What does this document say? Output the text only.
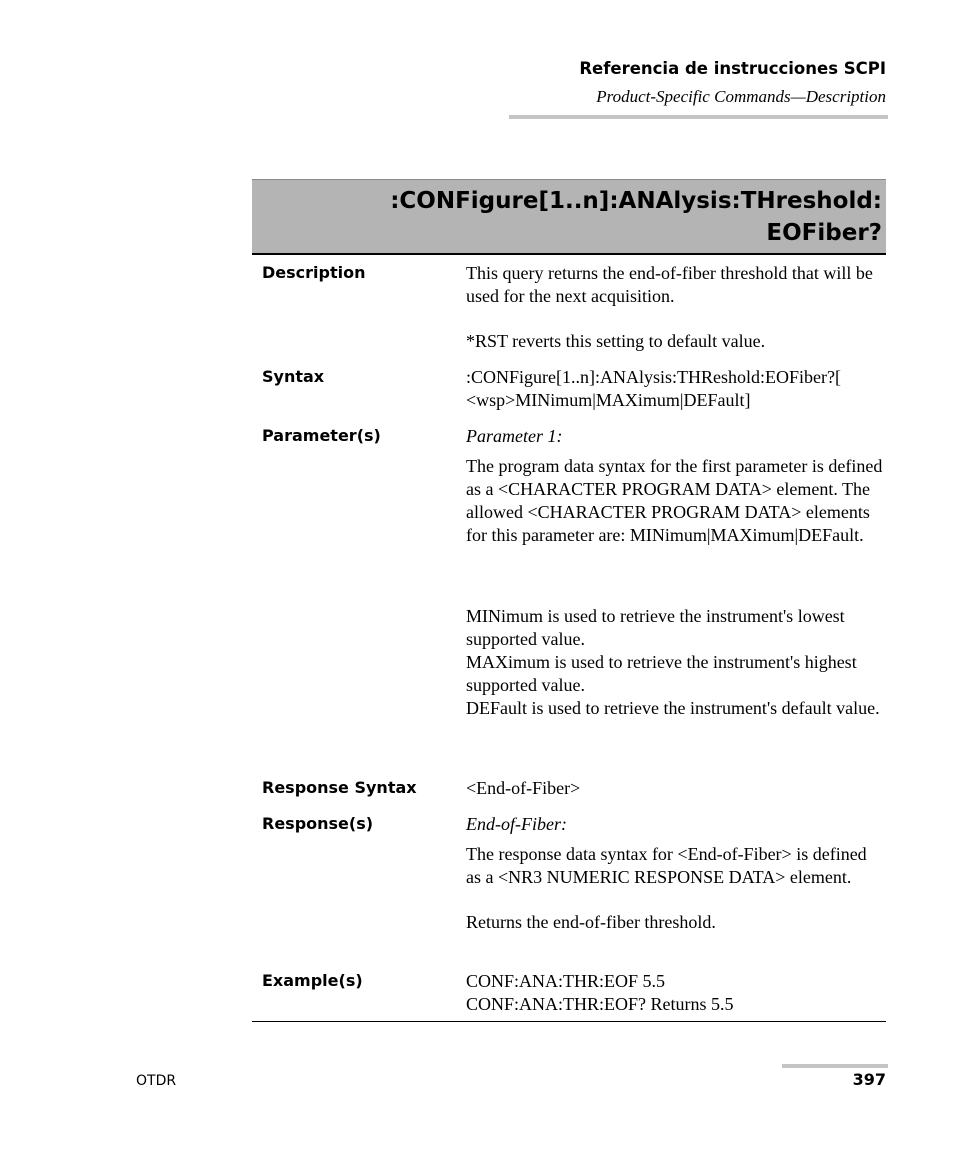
Referencia de instrucciones SCPI
Product-Specific Commands—Description
:CONFigure[1..n]:ANAlysis:THreshold:
EOFiber?
Description	This query returns the end-of-fiber threshold that will be used for the next acquisition.

*RST reverts this setting to default value.

Syntax	:CONFigure[1..n]:ANAlysis:THReshold:EOFiber?[

<wsp>MINimum|MAXimum|DEFault]

Parameter(s)	Parameter 1:

The program data syntax for the first parameter is defined as a <CHARACTER PROGRAM DATA> element. The allowed <CHARACTER PROGRAM DATA> elements for this parameter are: MINimum|MAXimum|DEFault.

MINimum is used to retrieve the instrument's lowest supported value.

MAXimum is used to retrieve the instrument's highest supported value.

DEFault is used to retrieve the instrument's default value.

Response Syntax	<End-of-Fiber>

Response(s)	End-of-Fiber:

The response data syntax for <End-of-Fiber> is defined as a <NR3 NUMERIC RESPONSE DATA> element.

Returns the end-of-fiber threshold.

Example(s)	CONF:ANA:THR:EOF 5.5

CONF:ANA:THR:EOF? Returns 5.5

OTDR	397
